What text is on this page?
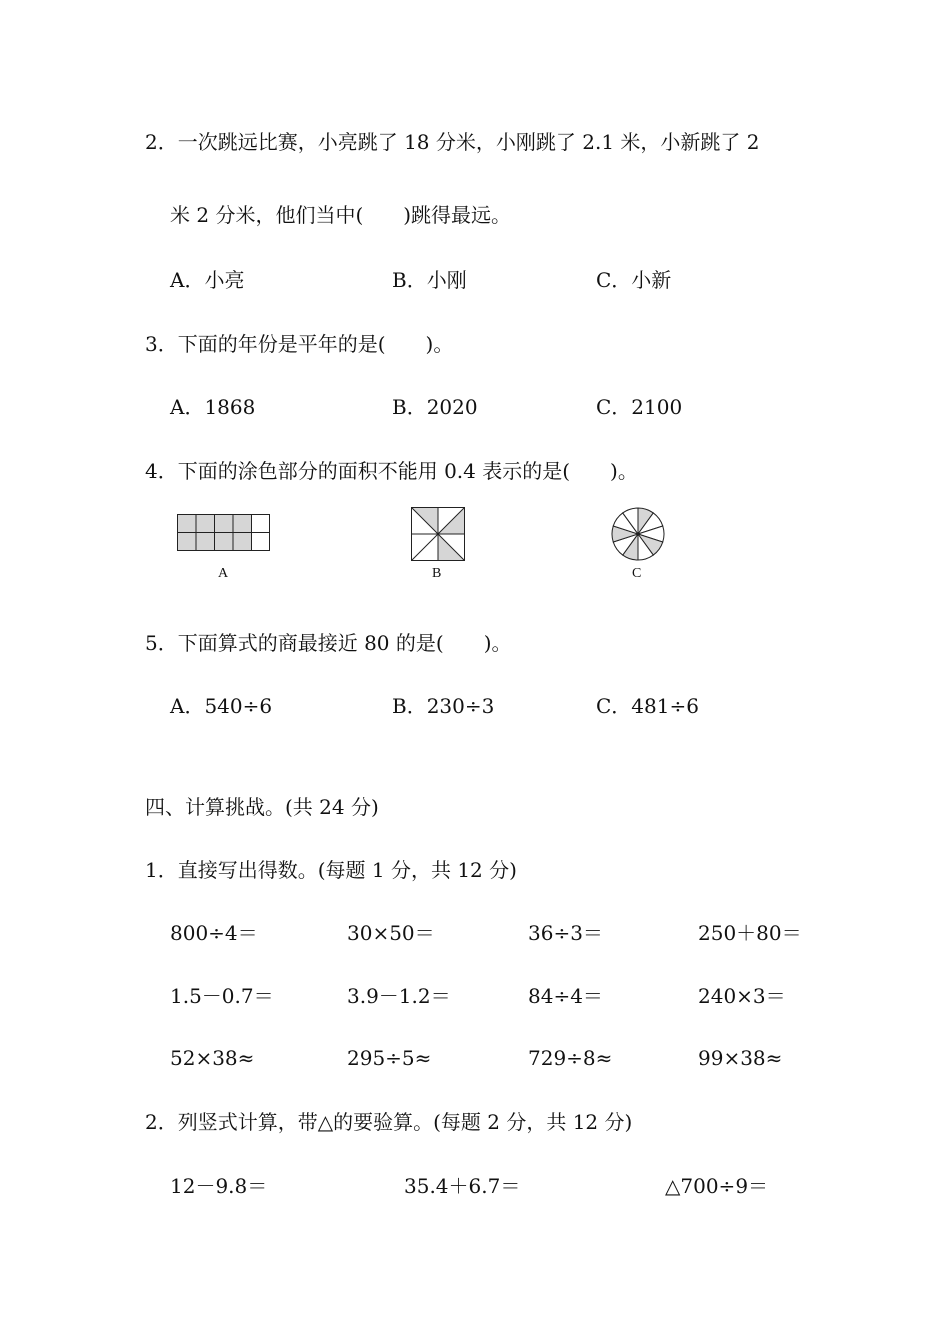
2．一次跳远比赛，小亮跳了 18 分米，小刚跳了 2.1 米，小新跳了 2
米 2 分米，他们当中(　　)跳得最远。
A．小亮	B．小刚	C．小新
3．下面的年份是平年的是(　　)。
A．1868	B．2020	C．2100
4．下面的涂色部分的面积不能用 0.4 表示的是(　　)。
A	B	C
5．下面算式的商最接近 80 的是(　　)。
A．540÷6	B．230÷3	C．481÷6
四、计算挑战。(共 24 分)
1．直接写出得数。(每题 1 分，共 12 分)
800÷4＝	30×50＝	36÷3＝	250＋80＝
1.5－0.7＝	3.9－1.2＝	84÷4＝	240×3＝
52×38≈	295÷5≈	729÷8≈	99×38≈
2．列竖式计算，带△的要验算。(每题 2 分，共 12 分)
12－9.8＝	35.4＋6.7＝	△700÷9＝
